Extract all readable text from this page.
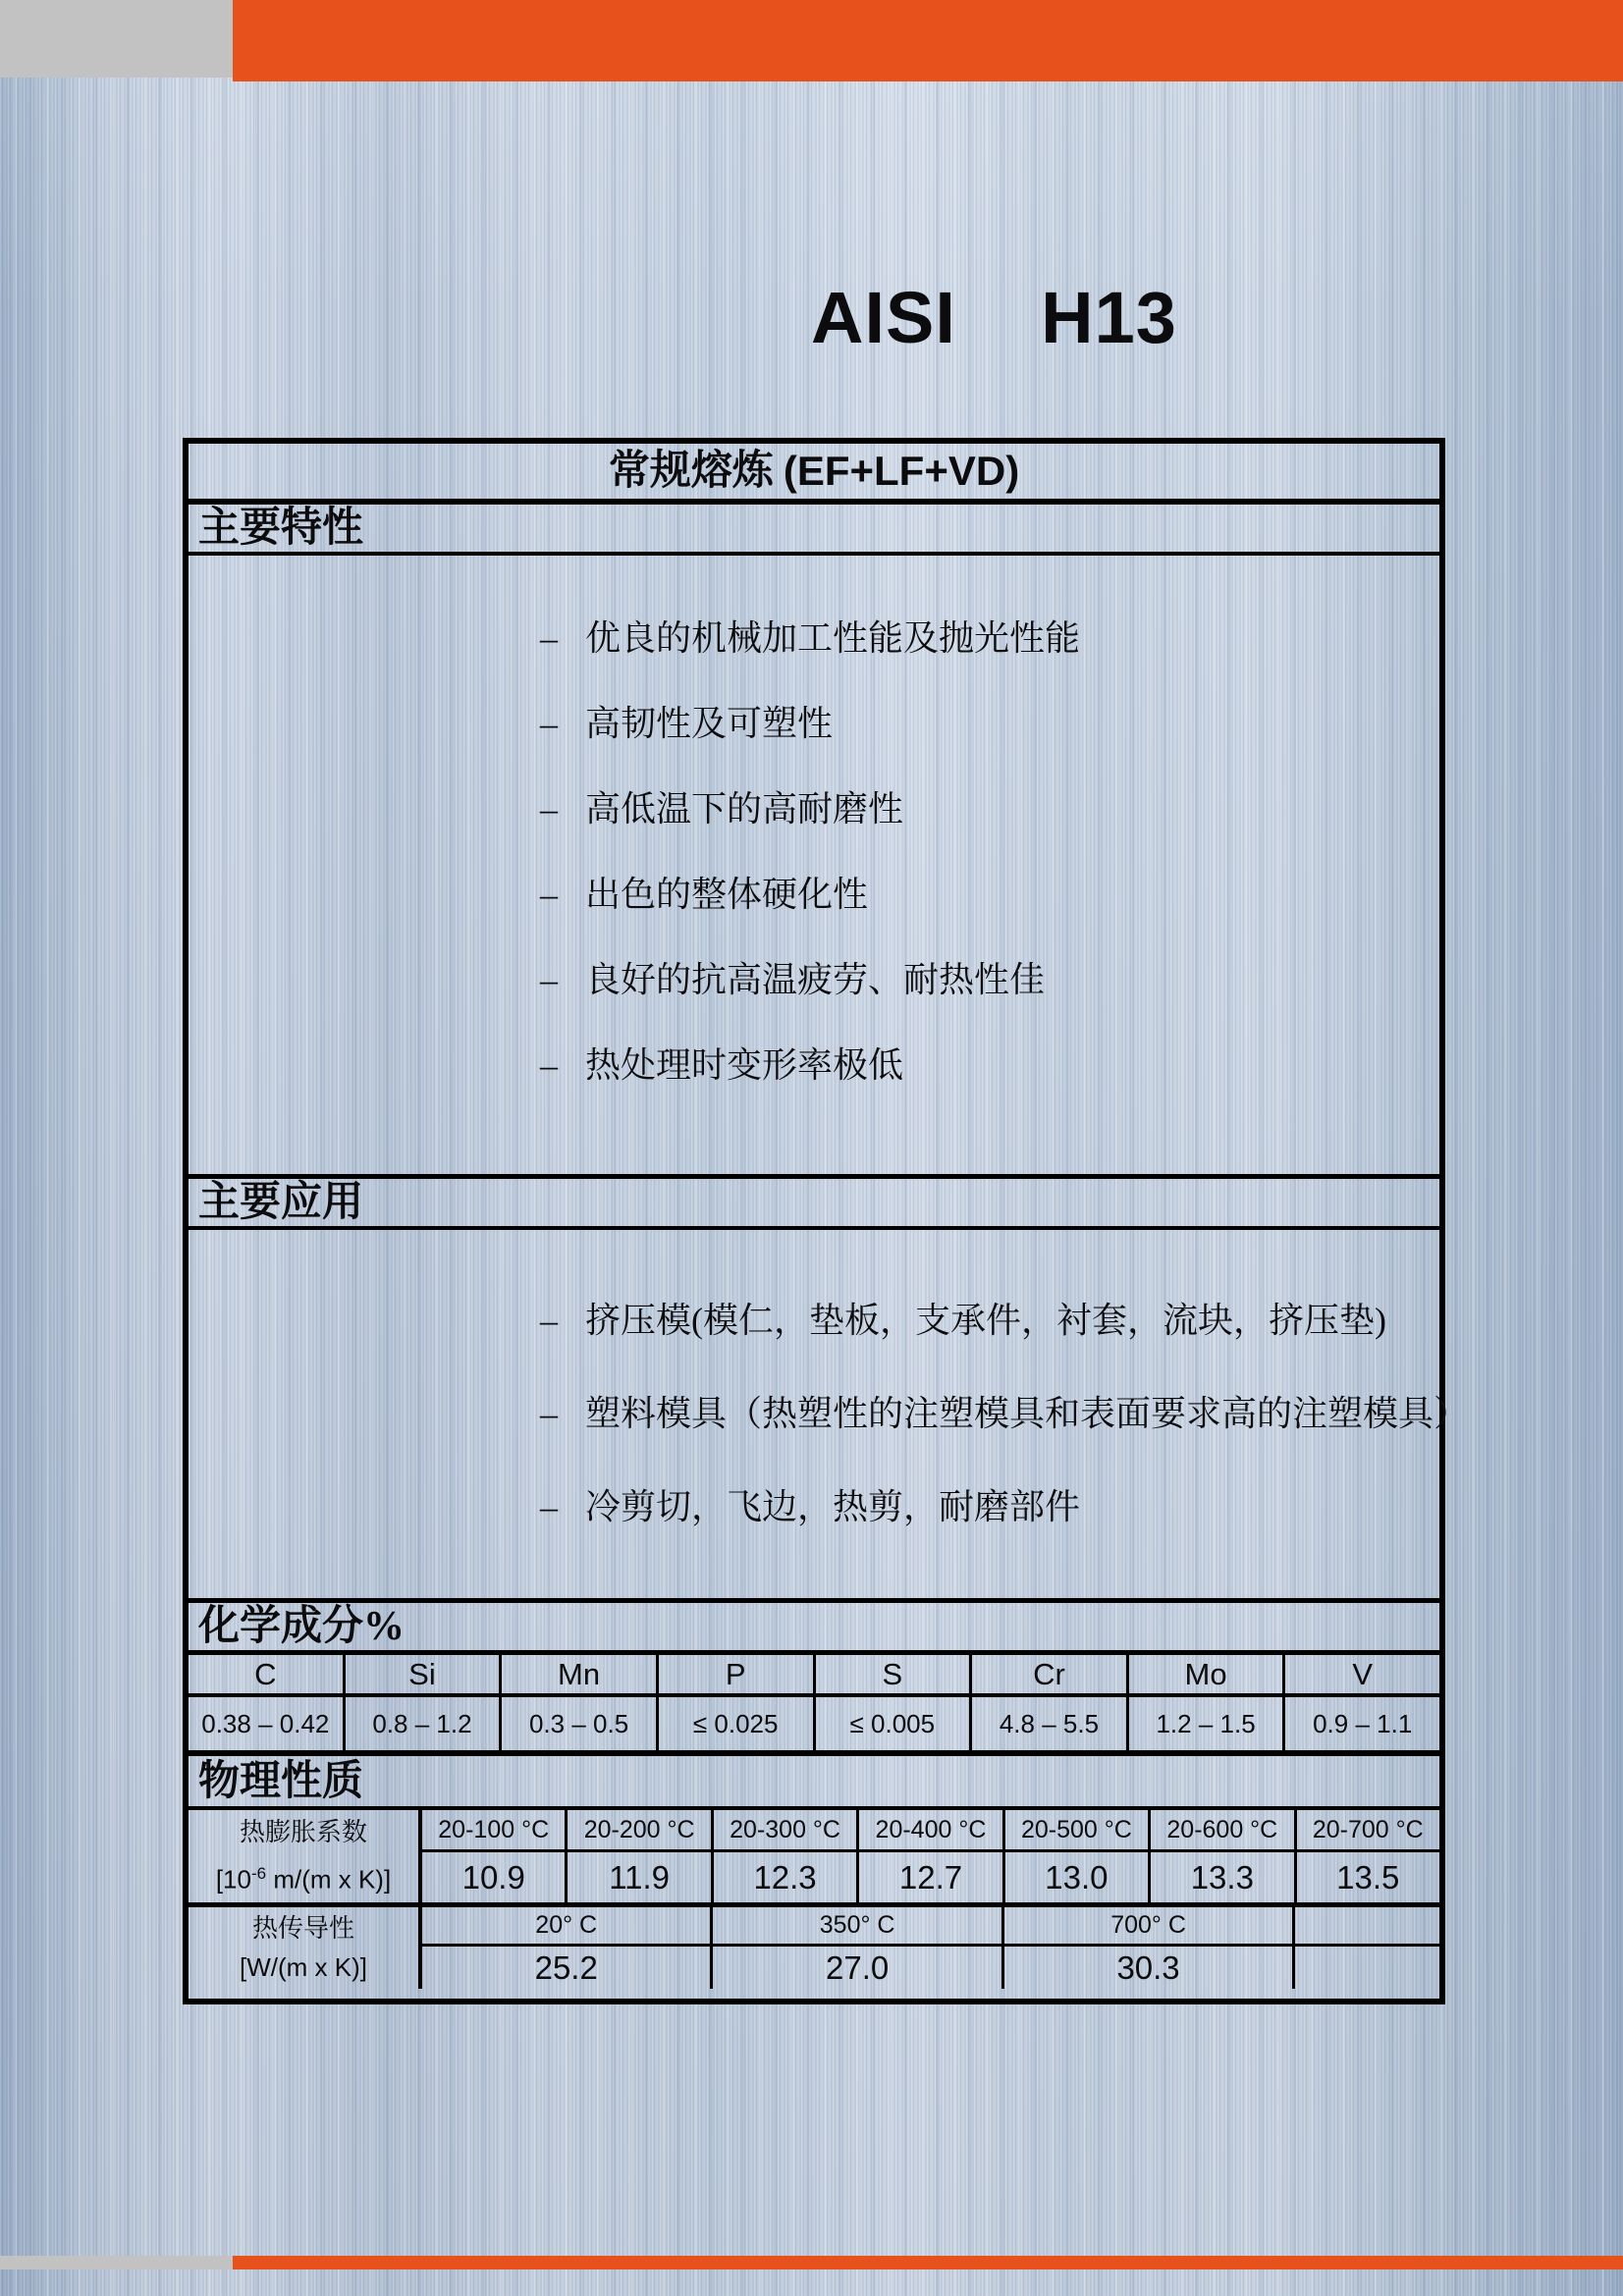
AISI    H13
常规熔炼 (EF+LF+VD)
主要特性
– 优良的机械加工性能及抛光性能
– 高韧性及可塑性
– 高低温下的高耐磨性
– 出色的整体硬化性
– 良好的抗高温疲劳、耐热性佳
– 热处理时变形率极低
主要应用
– 挤压模(模仁，垫板，支承件，衬套，流块，挤压垫)
– 塑料模具（热塑性的注塑模具和表面要求高的注塑模具）
– 冷剪切，飞边，热剪，耐磨部件
化学成分%
C	Si	Mn	P	S	Cr	Mo	V
0.38 – 0.42	0.8 – 1.2	0.3 – 0.5	≤ 0.025	≤ 0.005	4.8 – 5.5	1.2 – 1.5	0.9 – 1.1
物理性质
热膨胀系数
[$10^{-6}$ m/(m x K)]
20-100 °C	20-200 °C	20-300 °C	20-400 °C	20-500 °C	20-600 °C	20-700 °C
10.9	11.9	12.3	12.7	13.0	13.3	13.5
热传导性
[W/(m x K)]
20° C	350° C	700° C
25.2	27.0	30.3
